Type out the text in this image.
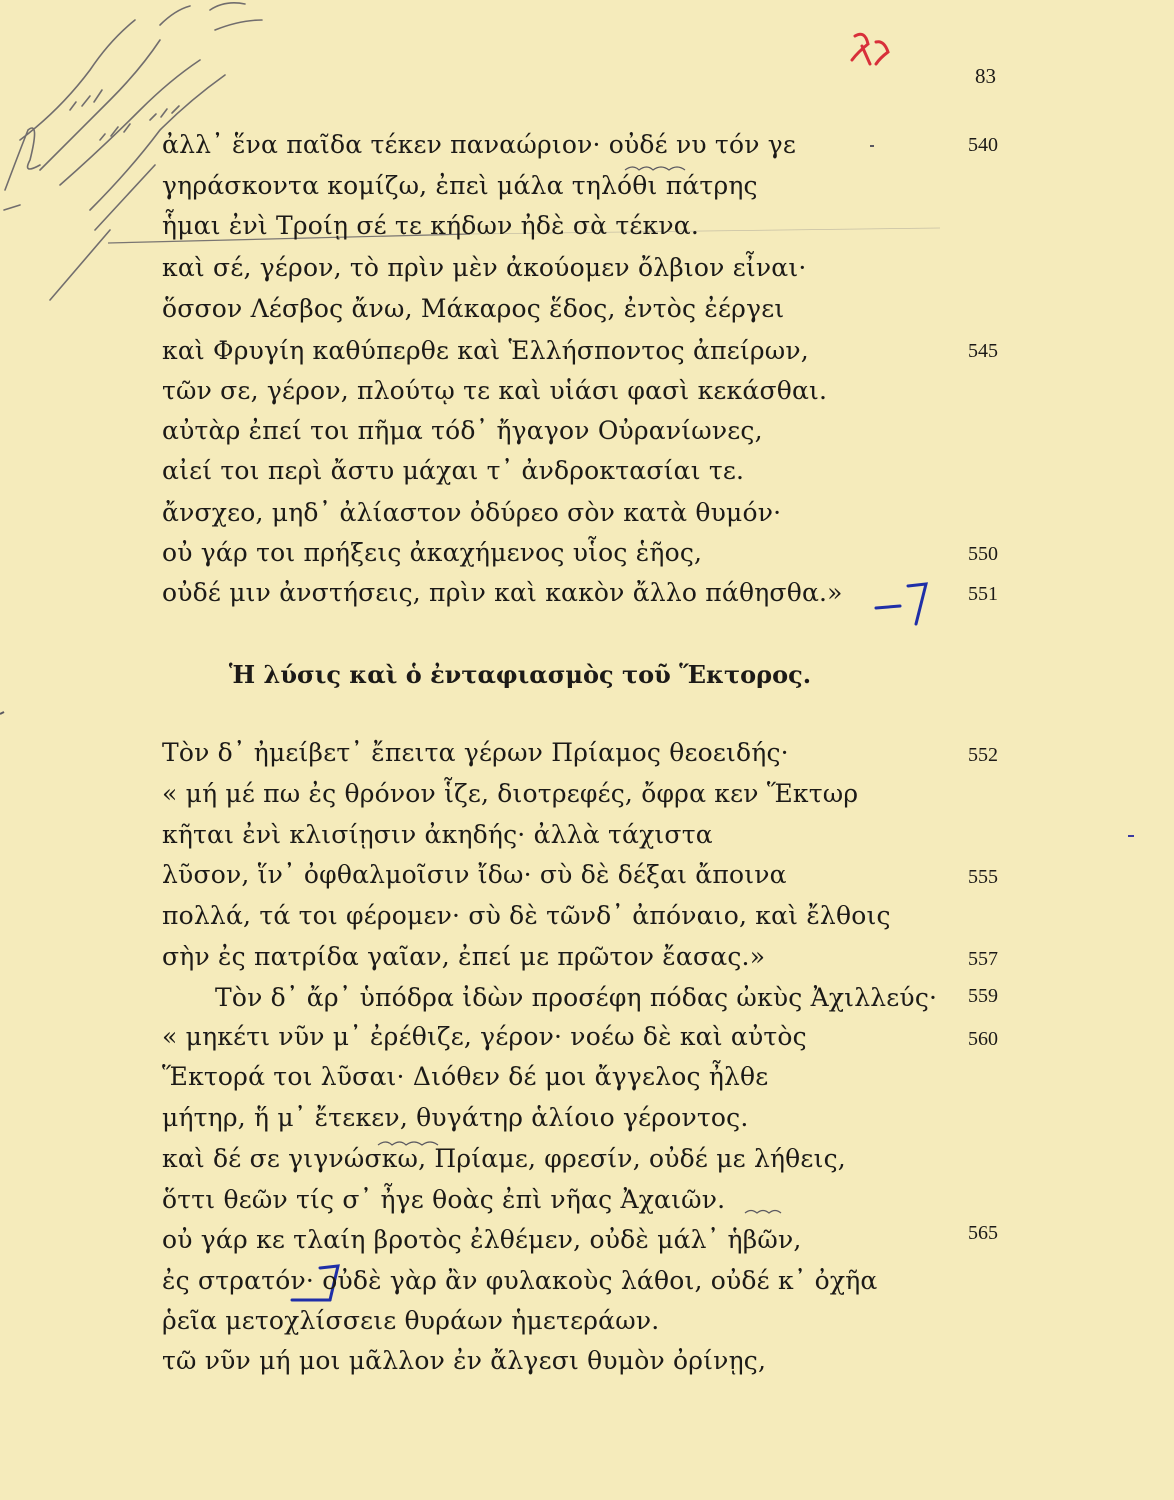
83
ἀλλ᾽ ἕνα παῖδα τέκεν παναώριον· οὐδέ νυ τόν γε	540
γηράσκοντα κομίζω, ἐπεὶ μάλα τηλόθι πάτρης
ἧμαι ἐνὶ Τροίῃ σέ τε κήδων ἠδὲ σὰ τέκνα.
καὶ σέ, γέρον, τὸ πρὶν μὲν ἀκούομεν ὄλβιον εἶναι·
ὅσσον Λέσβος ἄνω, Μάκαρος ἕδος, ἐντὸς ἐέργει
καὶ Φρυγίη καθύπερθε καὶ Ἑλλήσποντος ἀπείρων,	545
τῶν σε, γέρον, πλούτῳ τε καὶ υἱάσι φασὶ κεκάσθαι.
αὐτὰρ ἐπεί τοι πῆμα τόδ᾽ ἤγαγον Οὐρανίωνες,
αἰεί τοι περὶ ἄστυ μάχαι τ᾽ ἀνδροκτασίαι τε.
ἄνσχεο, μηδ᾽ ἀλίαστον ὀδύρεο σὸν κατὰ θυμόν·
οὐ γάρ τοι πρήξεις ἀκαχήμενος υἷος ἑῆος,	550
οὐδέ μιν ἀνστήσεις, πρὶν καὶ κακὸν ἄλλο πάθησθα.»	551
Ἡ λύσις καὶ ὁ ἐνταφιασμὸς τοῦ Ἕκτορος.
Τὸν δ᾽ ἠμείβετ᾽ ἔπειτα γέρων Πρίαμος θεοειδής·	552
« μή μέ πω ἐς θρόνον ἷζε, διοτρεφές, ὄφρα κεν Ἕκτωρ
κῆται ἐνὶ κλισίῃσιν ἀκηδής· ἀλλὰ τάχιστα
λῦσον, ἵν᾽ ὀφθαλμοῖσιν ἴδω· σὺ δὲ δέξαι ἄποινα	555
πολλά, τά τοι φέρομεν· σὺ δὲ τῶνδ᾽ ἀπόναιο, καὶ ἔλθοις
σὴν ἐς πατρίδα γαῖαν, ἐπεί με πρῶτον ἔασας.»	557
Τὸν δ᾽ ἄρ᾽ ὑπόδρα ἰδὼν προσέφη πόδας ὠκὺς Ἀχιλλεύς· 559
« μηκέτι νῦν μ᾽ ἐρέθιζε, γέρον· νοέω δὲ καὶ αὐτὸς	560
Ἕκτορά τοι λῦσαι· Διόθεν δέ μοι ἄγγελος ἦλθε
μήτηρ, ἥ μ᾽ ἔτεκεν, θυγάτηρ ἁλίοιο γέροντος.
καὶ δέ σε γιγνώσκω, Πρίαμε, φρεσίν, οὐδέ με λήθεις,
ὅττι θεῶν τίς σ᾽ ἦγε θοὰς ἐπὶ νῆας Ἀχαιῶν.
οὐ γάρ κε τλαίη βροτὸς ἐλθέμεν, οὐδὲ μάλ᾽ ἡβῶν,	565
ἐς στρατόν· οὐδὲ γὰρ ἂν φυλακοὺς λάθοι, οὐδέ κ᾽ ὀχῆα
ῥεῖα μετοχλίσσειε θυράων ἡμετεράων.
τῶ νῦν μή μοι μᾶλλον ἐν ἄλγεσι θυμὸν ὀρίνῃς,
